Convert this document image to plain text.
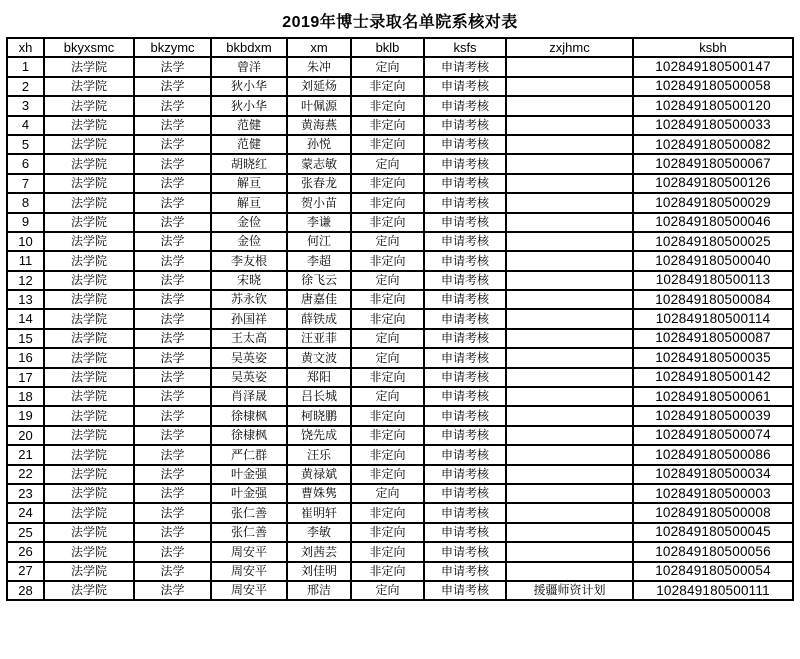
2019年博士录取名单院系核对表
xh	bkyxsmc	bkzymc	bkbdxm	xm	bklb	ksfs	zxjhmc	ksbh
1	法学院	法学	曾洋	朱冲	定向	申请考核		102849180500147
2	法学院	法学	狄小华	刘延炀	非定向	申请考核		102849180500058
3	法学院	法学	狄小华	叶佩源	非定向	申请考核		102849180500120
4	法学院	法学	范健	黄海燕	非定向	申请考核		102849180500033
5	法学院	法学	范健	孙悦	非定向	申请考核		102849180500082
6	法学院	法学	胡晓红	蒙志敏	定向	申请考核		102849180500067
7	法学院	法学	解亘	张春龙	非定向	申请考核		102849180500126
8	法学院	法学	解亘	贺小苗	非定向	申请考核		102849180500029
9	法学院	法学	金俭	李谦	非定向	申请考核		102849180500046
10	法学院	法学	金俭	何江	定向	申请考核		102849180500025
11	法学院	法学	李友根	李超	非定向	申请考核		102849180500040
12	法学院	法学	宋晓	徐飞云	定向	申请考核		102849180500113
13	法学院	法学	苏永钦	唐嘉佳	非定向	申请考核		102849180500084
14	法学院	法学	孙国祥	薛铁成	非定向	申请考核		102849180500114
15	法学院	法学	王太高	汪亚菲	定向	申请考核		102849180500087
16	法学院	法学	吴英姿	黄文波	定向	申请考核		102849180500035
17	法学院	法学	吴英姿	郑阳	非定向	申请考核		102849180500142
18	法学院	法学	肖泽晟	吕长城	定向	申请考核		102849180500061
19	法学院	法学	徐棣枫	柯晓鹏	非定向	申请考核		102849180500039
20	法学院	法学	徐棣枫	饶先成	非定向	申请考核		102849180500074
21	法学院	法学	严仁群	汪乐	非定向	申请考核		102849180500086
22	法学院	法学	叶金强	黄禄斌	非定向	申请考核		102849180500034
23	法学院	法学	叶金强	曹姝隽	定向	申请考核		102849180500003
24	法学院	法学	张仁善	崔明轩	非定向	申请考核		102849180500008
25	法学院	法学	张仁善	李敏	非定向	申请考核		102849180500045
26	法学院	法学	周安平	刘茜芸	非定向	申请考核		102849180500056
27	法学院	法学	周安平	刘佳明	非定向	申请考核		102849180500054
28	法学院	法学	周安平	邢洁	定向	申请考核	援疆师资计划	102849180500111
